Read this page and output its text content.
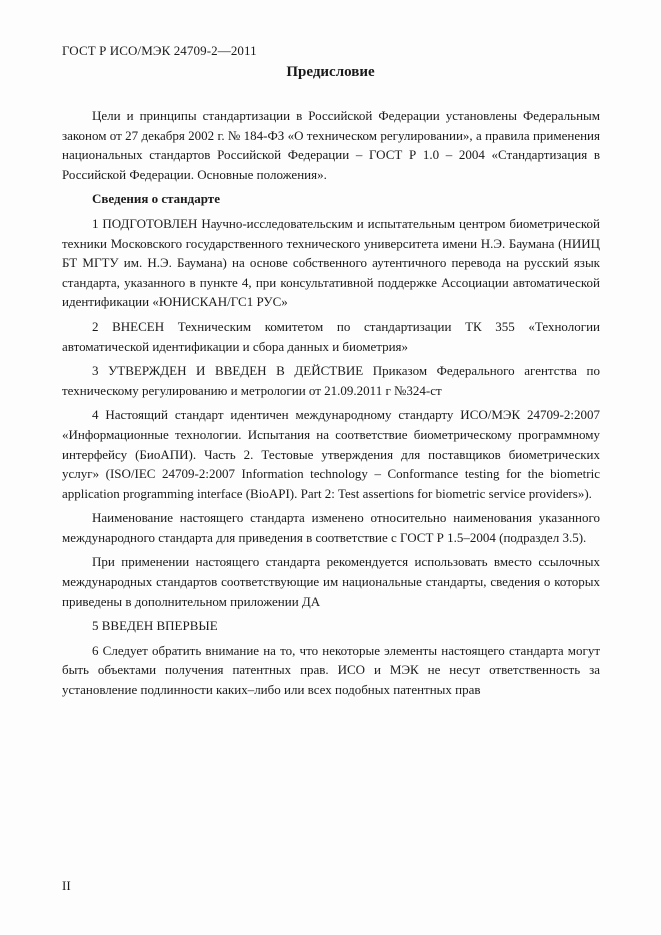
ГОСТ Р ИСО/МЭК 24709-2—2011
Предисловие

Цели и принципы стандартизации в Российской Федерации установлены Федеральным законом от 27 декабря 2002 г. № 184-ФЗ «О техническом регулировании», а правила применения национальных стандартов Российской Федерации – ГОСТ Р 1.0 – 2004 «Стандартизация в Российской Федерации. Основные положения».

Сведения о стандарте

1 ПОДГОТОВЛЕН Научно-исследовательским и испытательным центром биометрической техники Московского государственного технического университета имени Н.Э. Баумана (НИИЦ БТ МГТУ им. Н.Э. Баумана) на основе собственного аутентичного перевода на русский язык стандарта, указанного в пункте 4, при консультативной поддержке Ассоциации автоматической идентификации «ЮНИСКАН/ГС1 РУС»

2 ВНЕСЕН Техническим комитетом по стандартизации ТК 355 «Технологии автоматической идентификации и сбора данных и биометрия»

3 УТВЕРЖДЕН И ВВЕДЕН В ДЕЙСТВИЕ Приказом Федерального агентства по техническому регулированию и метрологии от 21.09.2011 г №324-ст

4 Настоящий стандарт идентичен международному стандарту ИСО/МЭК 24709-2:2007 «Информационные технологии. Испытания на соответствие биометрическому программному интерфейсу (БиоАПИ). Часть 2. Тестовые утверждения для поставщиков биометрических услуг» (ISO/IEC 24709-2:2007 Information technology – Conformance testing for the biometric application programming interface (BioAPI). Part 2: Test assertions for biometric service providers»).

Наименование настоящего стандарта изменено относительно наименования указанного международного стандарта для приведения в соответствие с ГОСТ Р 1.5–2004 (подраздел 3.5).

При применении настоящего стандарта рекомендуется использовать вместо ссылочных международных стандартов соответствующие им национальные стандарты, сведения о которых приведены в дополнительном приложении ДА

5 ВВЕДЕН ВПЕРВЫЕ

6 Следует обратить внимание на то, что некоторые элементы настоящего стандарта могут быть объектами получения патентных прав. ИСО и МЭК не несут ответственность за установление подлинности каких–либо или всех подобных патентных прав

II
